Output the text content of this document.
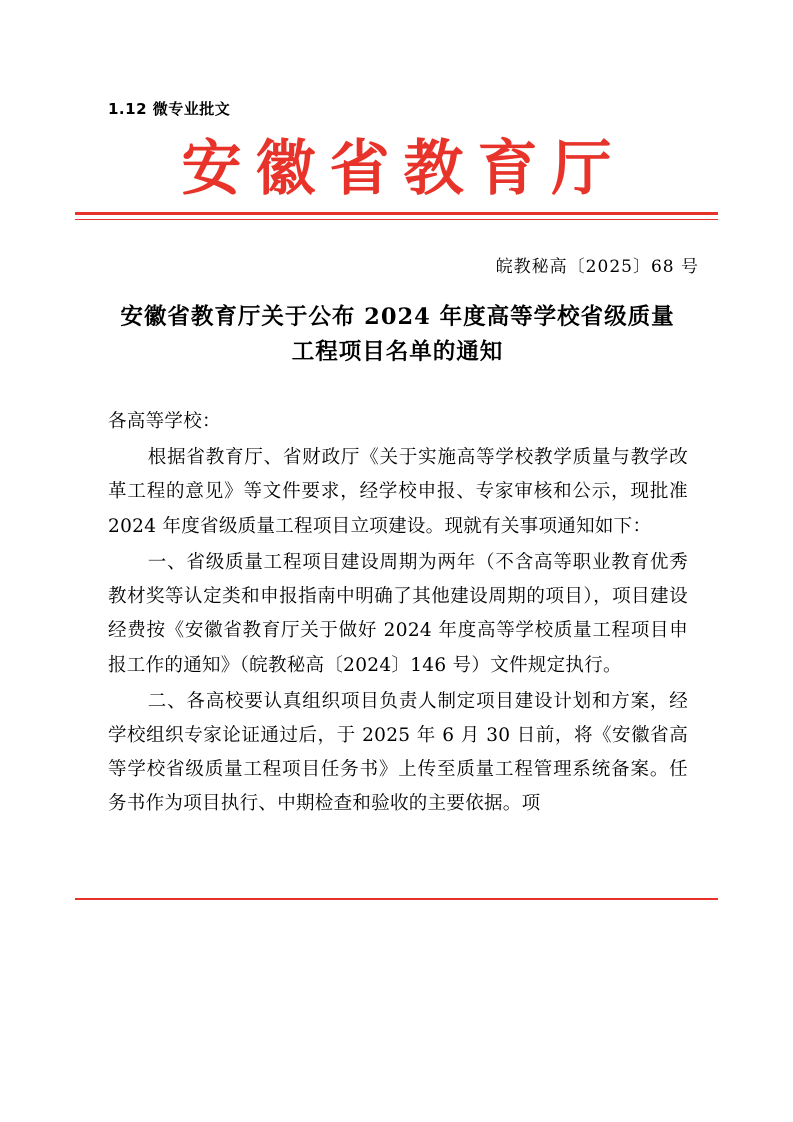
1.12 微专业批文
安徽省教育厅
皖教秘高〔2025〕68 号
安徽省教育厅关于公布 2024 年度高等学校省级质量工程项目名单的通知

各高等学校：

根据省教育厅、省财政厅《关于实施高等学校教学质量与教学改革工程的意见》等文件要求，经学校申报、专家审核和公示，现批准 2024 年度省级质量工程项目立项建设。现就有关事项通知如下：

一、省级质量工程项目建设周期为两年（不含高等职业教育优秀教材奖等认定类和申报指南中明确了其他建设周期的项目），项目建设经费按《安徽省教育厅关于做好 2024 年度高等学校质量工程项目申报工作的通知》（皖教秘高〔2024〕146 号）文件规定执行。

二、各高校要认真组织项目负责人制定项目建设计划和方案，经学校组织专家论证通过后，于 2025 年 6 月 30 日前，将《安徽省高等学校省级质量工程项目任务书》上传至质量工程管理系统备案。任务书作为项目执行、中期检查和验收的主要依据。项
